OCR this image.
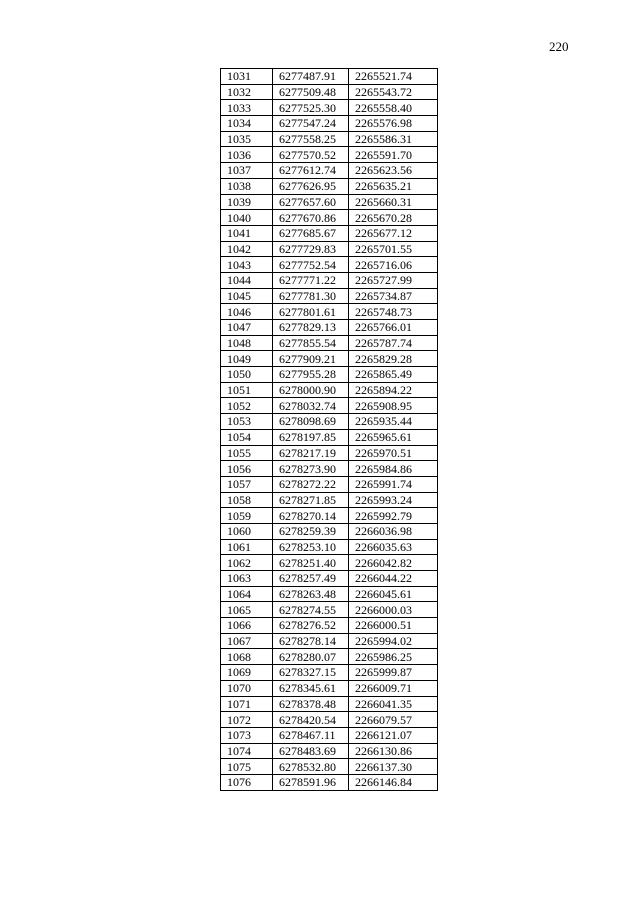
220
1031	6277487.91	2265521.74
1032	6277509.48	2265543.72
1033	6277525.30	2265558.40
1034	6277547.24	2265576.98
1035	6277558.25	2265586.31
1036	6277570.52	2265591.70
1037	6277612.74	2265623.56
1038	6277626.95	2265635.21
1039	6277657.60	2265660.31
1040	6277670.86	2265670.28
1041	6277685.67	2265677.12
1042	6277729.83	2265701.55
1043	6277752.54	2265716.06
1044	6277771.22	2265727.99
1045	6277781.30	2265734.87
1046	6277801.61	2265748.73
1047	6277829.13	2265766.01
1048	6277855.54	2265787.74
1049	6277909.21	2265829.28
1050	6277955.28	2265865.49
1051	6278000.90	2265894.22
1052	6278032.74	2265908.95
1053	6278098.69	2265935.44
1054	6278197.85	2265965.61
1055	6278217.19	2265970.51
1056	6278273.90	2265984.86
1057	6278272.22	2265991.74
1058	6278271.85	2265993.24
1059	6278270.14	2265992.79
1060	6278259.39	2266036.98
1061	6278253.10	2266035.63
1062	6278251.40	2266042.82
1063	6278257.49	2266044.22
1064	6278263.48	2266045.61
1065	6278274.55	2266000.03
1066	6278276.52	2266000.51
1067	6278278.14	2265994.02
1068	6278280.07	2265986.25
1069	6278327.15	2265999.87
1070	6278345.61	2266009.71
1071	6278378.48	2266041.35
1072	6278420.54	2266079.57
1073	6278467.11	2266121.07
1074	6278483.69	2266130.86
1075	6278532.80	2266137.30
1076	6278591.96	2266146.84
